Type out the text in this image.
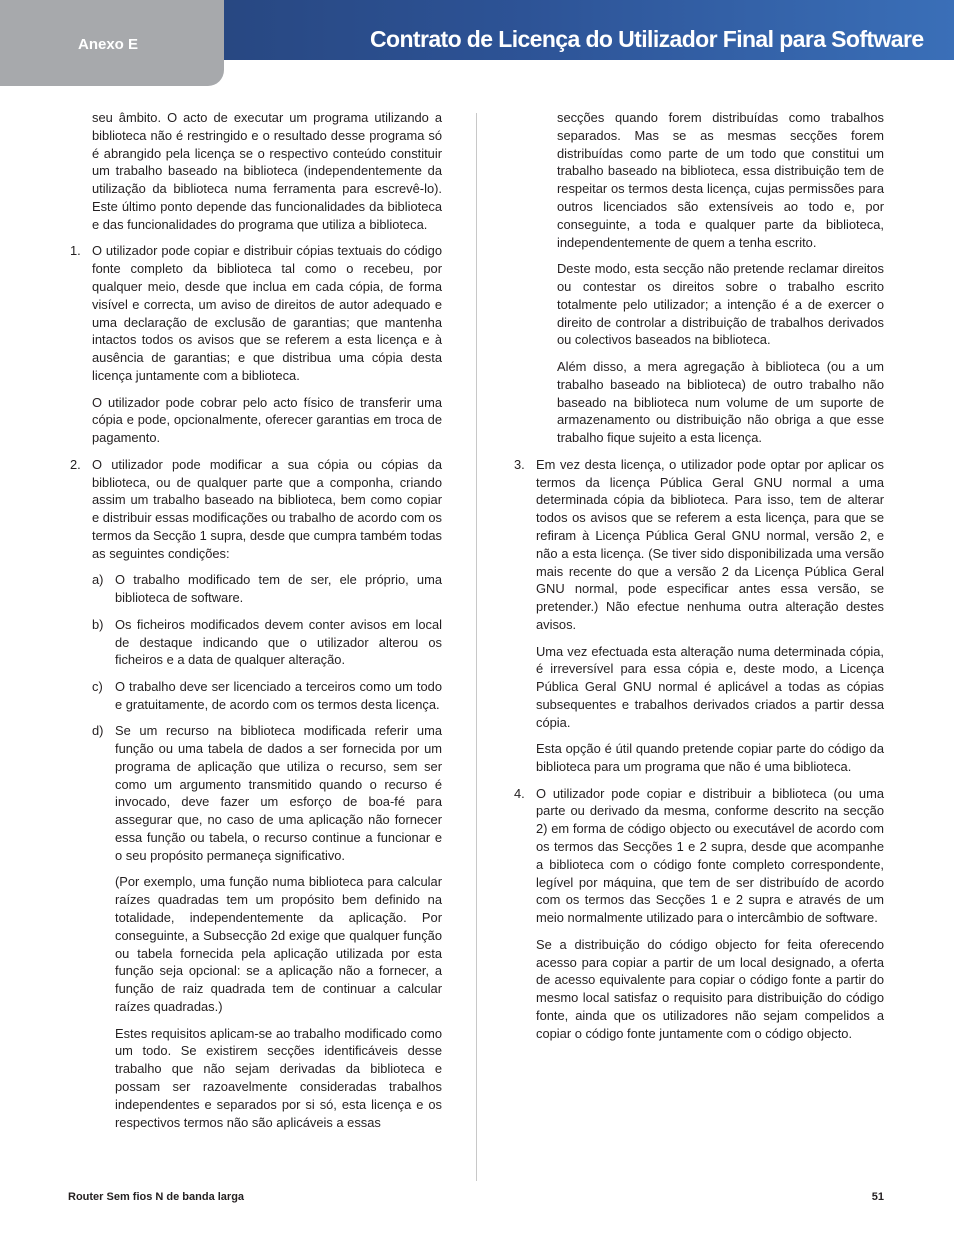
Anexo E	Contrato de Licença do Utilizador Final para Software

seu âmbito. O acto de executar um programa utilizando a biblioteca não é restringido e o resultado desse programa só é abrangido pela licença se o respectivo conteúdo constituir um trabalho baseado na biblioteca (independentemente da utilização da biblioteca numa ferramenta para escrevê-lo). Este último ponto depende das funcionalidades da biblioteca e das funcionalidades do programa que utiliza a biblioteca.

1. O utilizador pode copiar e distribuir cópias textuais do código fonte completo da biblioteca tal como o recebeu, por qualquer meio, desde que inclua em cada cópia, de forma visível e correcta, um aviso de direitos de autor adequado e uma declaração de exclusão de garantias; que mantenha intactos todos os avisos que se referem a esta licença e à ausência de garantias; e que distribua uma cópia desta licença juntamente com a biblioteca.

O utilizador pode cobrar pelo acto físico de transferir uma cópia e pode, opcionalmente, oferecer garantias em troca de pagamento.

2. O utilizador pode modificar a sua cópia ou cópias da biblioteca, ou de qualquer parte que a componha, criando assim um trabalho baseado na biblioteca, bem como copiar e distribuir essas modificações ou trabalho de acordo com os termos da Secção 1 supra, desde que cumpra também todas as seguintes condições:

a) O trabalho modificado tem de ser, ele próprio, uma biblioteca de software.

b) Os ficheiros modificados devem conter avisos em local de destaque indicando que o utilizador alterou os ficheiros e a data de qualquer alteração.

c) O trabalho deve ser licenciado a terceiros como um todo e gratuitamente, de acordo com os termos desta licença.

d) Se um recurso na biblioteca modificada referir uma função ou uma tabela de dados a ser fornecida por um programa de aplicação que utiliza o recurso, sem ser como um argumento transmitido quando o recurso é invocado, deve fazer um esforço de boa-fé para assegurar que, no caso de uma aplicação não fornecer essa função ou tabela, o recurso continue a funcionar e o seu propósito permaneça significativo.

(Por exemplo, uma função numa biblioteca para calcular raízes quadradas tem um propósito bem definido na totalidade, independentemente da aplicação. Por conseguinte, a Subsecção 2d exige que qualquer função ou tabela fornecida pela aplicação utilizada por esta função seja opcional: se a aplicação não a fornecer, a função de raiz quadrada tem de continuar a calcular raízes quadradas.)

Estes requisitos aplicam-se ao trabalho modificado como um todo. Se existirem secções identificáveis desse trabalho que não sejam derivadas da biblioteca e possam ser razoavelmente consideradas trabalhos independentes e separados por si só, esta licença e os respectivos termos não são aplicáveis a essas

secções quando forem distribuídas como trabalhos separados. Mas se as mesmas secções forem distribuídas como parte de um todo que constitui um trabalho baseado na biblioteca, essa distribuição tem de respeitar os termos desta licença, cujas permissões para outros licenciados são extensíveis ao todo e, por conseguinte, a toda e qualquer parte da biblioteca, independentemente de quem a tenha escrito.

Deste modo, esta secção não pretende reclamar direitos ou contestar os direitos sobre o trabalho escrito totalmente pelo utilizador; a intenção é a de exercer o direito de controlar a distribuição de trabalhos derivados ou colectivos baseados na biblioteca.

Além disso, a mera agregação à biblioteca (ou a um trabalho baseado na biblioteca) de outro trabalho não baseado na biblioteca num volume de um suporte de armazenamento ou distribuição não obriga a que esse trabalho fique sujeito a esta licença.

3. Em vez desta licença, o utilizador pode optar por aplicar os termos da licença Pública Geral GNU normal a uma determinada cópia da biblioteca. Para isso, tem de alterar todos os avisos que se referem a esta licença, para que se refiram à Licença Pública Geral GNU normal, versão 2, e não a esta licença. (Se tiver sido disponibilizada uma versão mais recente do que a versão 2 da Licença Pública Geral GNU normal, pode especificar antes essa versão, se pretender.) Não efectue nenhuma outra alteração destes avisos.

Uma vez efectuada esta alteração numa determinada cópia, é irreversível para essa cópia e, deste modo, a Licença Pública Geral GNU normal é aplicável a todas as cópias subsequentes e trabalhos derivados criados a partir dessa cópia.

Esta opção é útil quando pretende copiar parte do código da biblioteca para um programa que não é uma biblioteca.

4. O utilizador pode copiar e distribuir a biblioteca (ou uma parte ou derivado da mesma, conforme descrito na secção 2) em forma de código objecto ou executável de acordo com os termos das Secções 1 e 2 supra, desde que acompanhe a biblioteca com o código fonte completo correspondente, legível por máquina, que tem de ser distribuído de acordo com os termos das Secções 1 e 2 supra e através de um meio normalmente utilizado para o intercâmbio de software.

Se a distribuição do código objecto for feita oferecendo acesso para copiar a partir de um local designado, a oferta de acesso equivalente para copiar o código fonte a partir do mesmo local satisfaz o requisito para distribuição do código fonte, ainda que os utilizadores não sejam compelidos a copiar o código fonte juntamente com o código objecto.

Router Sem fios N de banda larga	51
